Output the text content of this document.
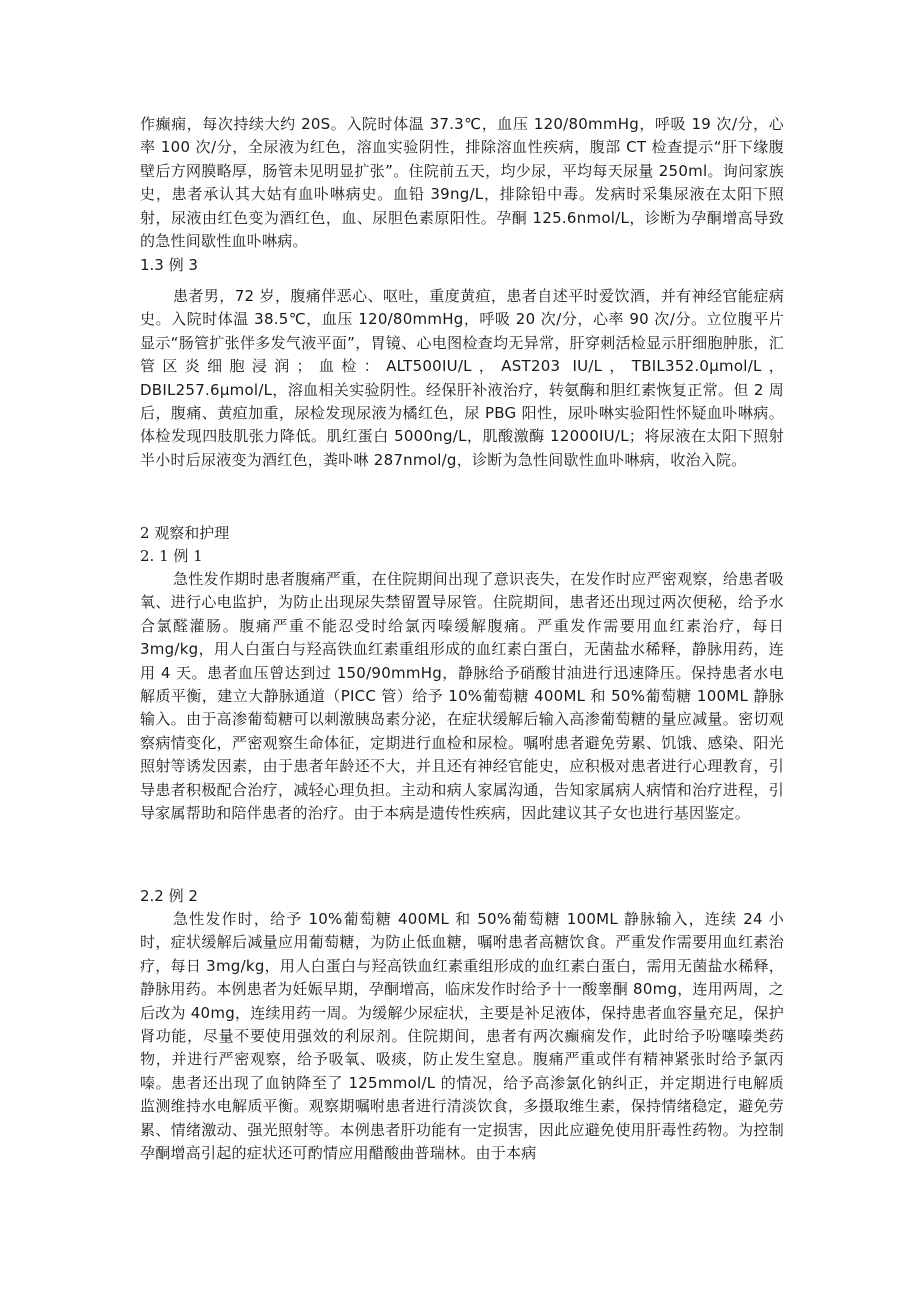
作癫痫，每次持续大约 20S。入院时体温 37.3℃，血压 120/80mmHg，呼吸 19 次/分，心率 100 次/分，全尿液为红色，溶血实验阴性，排除溶血性疾病，腹部 CT 检查提示“肝下缘腹壁后方网膜略厚，肠管未见明显扩张”。住院前五天，均少尿，平均每天尿量 250ml。询问家族史，患者承认其大姑有血卟啉病史。血铅 39ng/L，排除铅中毒。发病时采集尿液在太阳下照射，尿液由红色变为酒红色，血、尿胆色素原阳性。孕酮 125.6nmol/L，诊断为孕酮增高导致的急性间歇性血卟啉病。

1.3 例 3

患者男，72 岁，腹痛伴恶心、呕吐，重度黄疸，患者自述平时爱饮酒，并有神经官能症病史。入院时体温 38.5℃，血压 120/80mmHg，呼吸 20 次/分，心率 90 次/分。立位腹平片显示“肠管扩张伴多发气液平面”，胃镜、心电图检查均无异常，肝穿刺活检显示肝细胞肿胀，汇管区炎细胞浸润；血检：ALT500IU/L，AST203 IU/L，TBIL352.0μmol/L，DBIL257.6μmol/L，溶血相关实验阴性。经保肝补液治疗，转氨酶和胆红素恢复正常。但 2 周后，腹痛、黄疸加重，尿检发现尿液为橘红色，尿 PBG 阳性，尿卟啉实验阳性怀疑血卟啉病。体检发现四肢肌张力降低。肌红蛋白 5000ng/L，肌酸激酶 12000IU/L；将尿液在太阳下照射半小时后尿液变为酒红色，粪卟啉 287nmol/g，诊断为急性间歇性血卟啉病，收治入院。

2 观察和护理

2. 1 例 1

急性发作期时患者腹痛严重，在住院期间出现了意识丧失，在发作时应严密观察，给患者吸氧、进行心电监护，为防止出现尿失禁留置导尿管。住院期间，患者还出现过两次便秘，给予水合氯醛灌肠。腹痛严重不能忍受时给氯丙嗪缓解腹痛。严重发作需要用血红素治疗，每日 3mg/kg，用人白蛋白与羟高铁血红素重组形成的血红素白蛋白，无菌盐水稀释，静脉用药，连用 4 天。患者血压曾达到过 150/90mmHg，静脉给予硝酸甘油进行迅速降压。保持患者水电解质平衡，建立大静脉通道（PICC 管）给予 10%葡萄糖 400ML 和 50%葡萄糖 100ML 静脉输入。由于高渗葡萄糖可以刺激胰岛素分泌，在症状缓解后输入高渗葡萄糖的量应减量。密切观察病情变化，严密观察生命体征，定期进行血检和尿检。嘱咐患者避免劳累、饥饿、感染、阳光照射等诱发因素，由于患者年龄还不大，并且还有神经官能史，应积极对患者进行心理教育，引导患者积极配合治疗，减轻心理负担。主动和病人家属沟通，告知家属病人病情和治疗进程，引导家属帮助和陪伴患者的治疗。由于本病是遗传性疾病，因此建议其子女也进行基因鉴定。

2.2 例 2

急性发作时，给予 10%葡萄糖 400ML 和 50%葡萄糖 100ML 静脉输入，连续 24 小时，症状缓解后减量应用葡萄糖，为防止低血糖，嘱咐患者高糖饮食。严重发作需要用血红素治疗，每日 3mg/kg，用人白蛋白与羟高铁血红素重组形成的血红素白蛋白，需用无菌盐水稀释，静脉用药。本例患者为妊娠早期，孕酮增高，临床发作时给予十一酸睾酮 80mg，连用两周，之后改为 40mg，连续用药一周。为缓解少尿症状，主要是补足液体，保持患者血容量充足，保护肾功能，尽量不要使用强效的利尿剂。住院期间，患者有两次癫痫发作，此时给予吩噻嗪类药物，并进行严密观察，给予吸氧、吸痰，防止发生窒息。腹痛严重或伴有精神紧张时给予氯丙嗪。患者还出现了血钠降至了 125mmol/L 的情况，给予高渗氯化钠纠正，并定期进行电解质监测维持水电解质平衡。观察期嘱咐患者进行清淡饮食，多摄取维生素，保持情绪稳定，避免劳累、情绪激动、强光照射等。本例患者肝功能有一定损害，因此应避免使用肝毒性药物。为控制孕酮增高引起的症状还可酌情应用醋酸曲普瑞林。由于本病
